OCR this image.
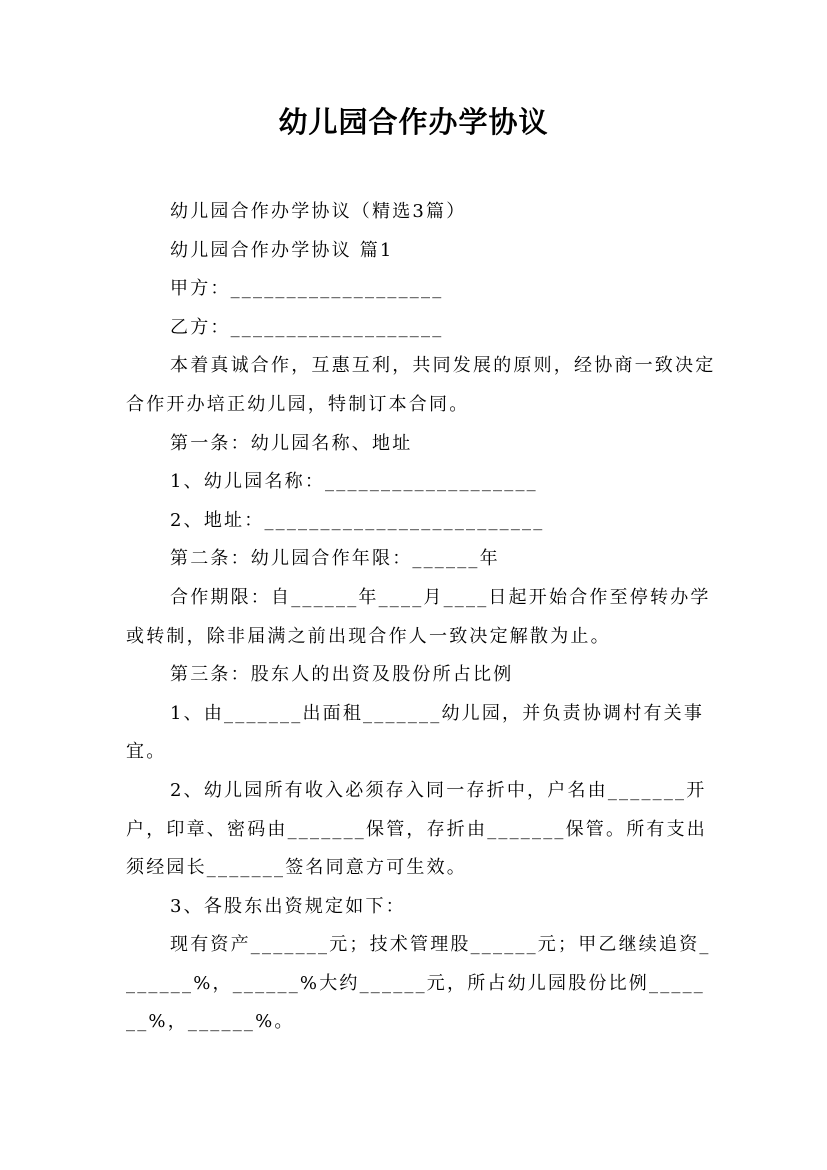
幼儿园合作办学协议

幼儿园合作办学协议（精选3篇）

幼儿园合作办学协议 篇1

甲方：___________________

乙方：___________________

本着真诚合作，互惠互利，共同发展的原则，经协商一致决定合作开办培正幼儿园，特制订本合同。

第一条：幼儿园名称、地址

1、幼儿园名称：___________________

2、地址：_________________________

第二条：幼儿园合作年限：______年

合作期限：自______年____月____日起开始合作至停转办学或转制，除非届满之前出现合作人一致决定解散为止。

第三条：股东人的出资及股份所占比例

1、由_______出面租_______幼儿园，并负责协调村有关事宜。

2、幼儿园所有收入必须存入同一存折中，户名由_______开户，印章、密码由_______保管，存折由_______保管。所有支出须经园长_______签名同意方可生效。

3、各股东出资规定如下：

现有资产_______元；技术管理股______元；甲乙继续追资_______%，______%大约______元，所占幼儿园股份比例_______%，______%。
